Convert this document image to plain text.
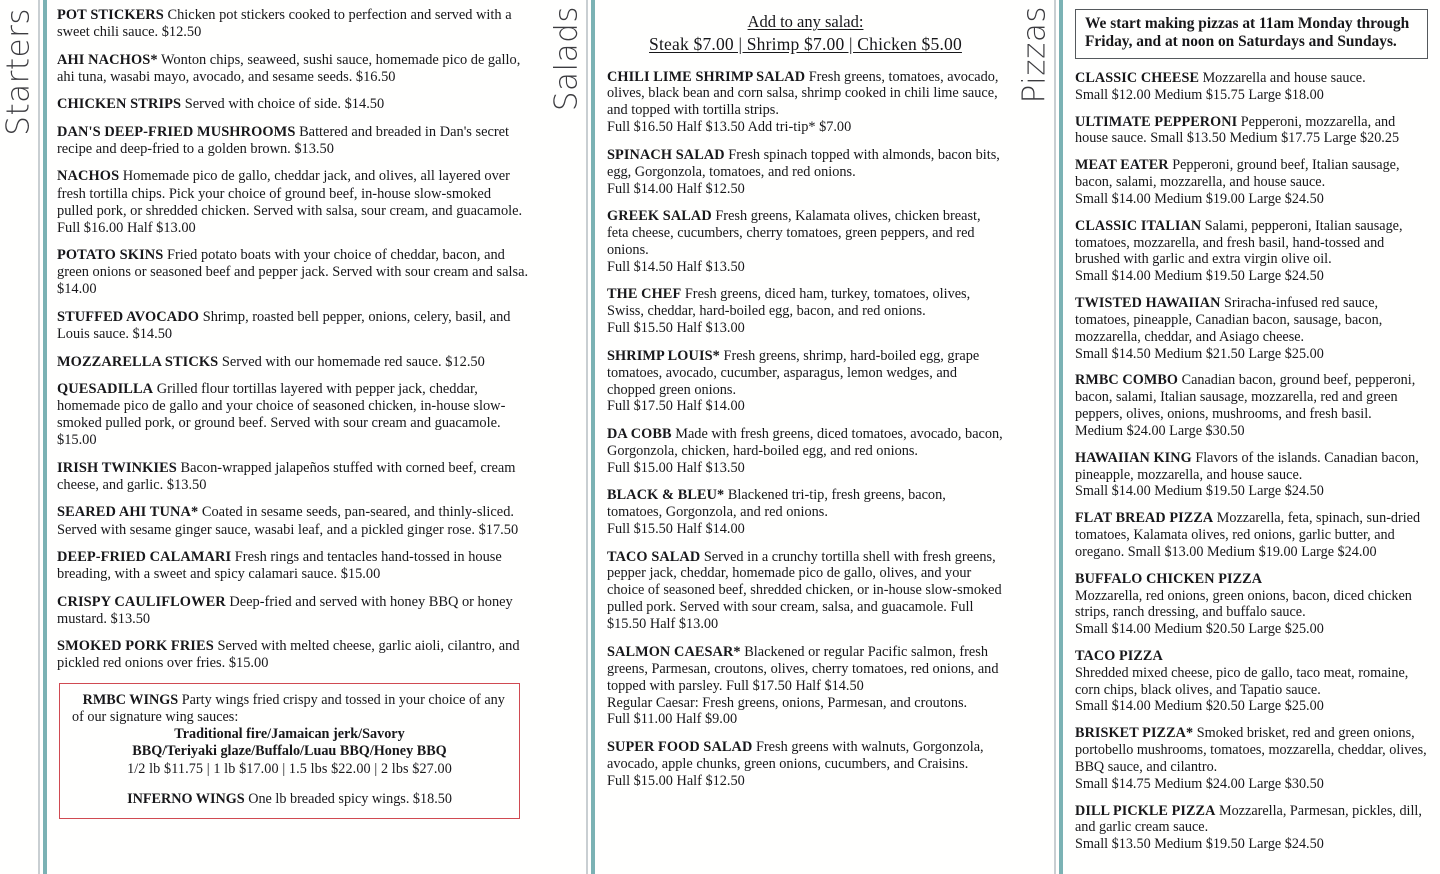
Starters POT STICKERS Chicken pot stickers cooked to perfection and served with a sweet chili sauce. $12.50

AHI NACHOS* Wonton chips, seaweed, sushi sauce, homemade pico de gallo, ahi tuna, wasabi mayo, avocado, and sesame seeds. $16.50

CHICKEN STRIPS Served with choice of side. $14.50

DAN'S DEEP-FRIED MUSHROOMS Battered and breaded in Dan's secret recipe and deep-fried to a golden brown. $13.50

NACHOS Homemade pico de gallo, cheddar jack, and olives, all layered over fresh tortilla chips. Pick your choice of ground beef, in-house slow-smoked pulled pork, or shredded chicken. Served with salsa, sour cream, and guacamole. Full $16.00 Half $13.00

POTATO SKINS Fried potato boats with your choice of cheddar, bacon, and green onions or seasoned beef and pepper jack. Served with sour cream and salsa. $14.00

STUFFED AVOCADO Shrimp, roasted bell pepper, onions, celery, basil, and Louis sauce. $14.50

MOZZARELLA STICKS Served with our homemade red sauce. $12.50

QUESADILLA Grilled flour tortillas layered with pepper jack, cheddar, homemade pico de gallo and your choice of seasoned chicken, in-house slow-smoked pulled pork, or ground beef. Served with sour cream and guacamole. $15.00

IRISH TWINKIES Bacon-wrapped jalapeños stuffed with corned beef, cream cheese, and garlic. $13.50

SEARED AHI TUNA* Coated in sesame seeds, pan-seared, and thinly-sliced. Served with sesame ginger sauce, wasabi leaf, and a pickled ginger rose. $17.50

DEEP-FRIED CALAMARI Fresh rings and tentacles hand-tossed in house breading, with a sweet and spicy calamari sauce. $15.00

CRISPY CAULIFLOWER Deep-fried and served with honey BBQ or honey mustard. $13.50

SMOKED PORK FRIES Served with melted cheese, garlic aioli, cilantro, and pickled red onions over fries. $15.00

RMBC WINGS Party wings fried crispy and tossed in your choice of any of our signature wing sauces:
Traditional fire/Jamaican jerk/Savory
BBQ/Teriyaki glaze/Buffalo/Luau BBQ/Honey BBQ
1/2 lb $11.75 | 1 lb $17.00 | 1.5 lbs $22.00 | 2 lbs $27.00
INFERNO WINGS One lb breaded spicy wings. $18.50
Salads	Add to any salad:
Steak $7.00 | Shrimp $7.00 | Chicken $5.00

CHILI LIME SHRIMP SALAD Fresh greens, tomatoes, avocado, olives, black bean and corn salsa, shrimp cooked in chili lime sauce, and topped with tortilla strips.
Full $16.50 Half $13.50 Add tri-tip* $7.00

SPINACH SALAD Fresh spinach topped with almonds, bacon bits, egg, Gorgonzola, tomatoes, and red onions.
Full $14.00 Half $12.50

GREEK SALAD Fresh greens, Kalamata olives, chicken breast, feta cheese, cucumbers, cherry tomatoes, green peppers, and red onions.
Full $14.50 Half $13.50

THE CHEF Fresh greens, diced ham, turkey, tomatoes, olives, Swiss, cheddar, hard-boiled egg, bacon, and red onions.
Full $15.50 Half $13.00

SHRIMP LOUIS* Fresh greens, shrimp, hard-boiled egg, grape tomatoes, avocado, cucumber, asparagus, lemon wedges, and chopped green onions.
Full $17.50 Half $14.00

DA COBB Made with fresh greens, diced tomatoes, avocado, bacon, Gorgonzola, chicken, hard-boiled egg, and red onions.
Full $15.00 Half $13.50

BLACK & BLEU* Blackened tri-tip, fresh greens, bacon, tomatoes, Gorgonzola, and red onions.
Full $15.50 Half $14.00

TACO SALAD Served in a crunchy tortilla shell with fresh greens, pepper jack, cheddar, homemade pico de gallo, olives, and your choice of seasoned beef, shredded chicken, or in-house slow-smoked pulled pork. Served with sour cream, salsa, and guacamole. Full $15.50 Half $13.00

SALMON CAESAR* Blackened or regular Pacific salmon, fresh greens, Parmesan, croutons, olives, cherry tomatoes, red onions, and topped with parsley. Full $17.50 Half $14.50
Regular Caesar: Fresh greens, onions, Parmesan, and croutons.
Full $11.00 Half $9.00

SUPER FOOD SALAD Fresh greens with walnuts, Gorgonzola, avocado, apple chunks, green onions, cucumbers, and Craisins.
Full $15.00 Half $12.50

Pizzas	We start making pizzas at 11am Monday through Friday, and at noon on Saturdays and Sundays.

CLASSIC CHEESE Mozzarella and house sauce.
Small $12.00 Medium $15.75 Large $18.00

ULTIMATE PEPPERONI Pepperoni, mozzarella, and house sauce. Small $13.50 Medium $17.75 Large $20.25

MEAT EATER Pepperoni, ground beef, Italian sausage, bacon, salami, mozzarella, and house sauce.
Small $14.00 Medium $19.00 Large $24.50

CLASSIC ITALIAN Salami, pepperoni, Italian sausage, tomatoes, mozzarella, and fresh basil, hand-tossed and brushed with garlic and extra virgin olive oil.
Small $14.00 Medium $19.50 Large $24.50

TWISTED HAWAIIAN Sriracha-infused red sauce, tomatoes, pineapple, Canadian bacon, sausage, bacon, mozzarella, cheddar, and Asiago cheese.
Small $14.50 Medium $21.50 Large $25.00

RMBC COMBO Canadian bacon, ground beef, pepperoni, bacon, salami, Italian sausage, mozzarella, red and green peppers, olives, onions, mushrooms, and fresh basil.
Medium $24.00 Large $30.50

HAWAIIAN KING Flavors of the islands. Canadian bacon, pineapple, mozzarella, and house sauce.
Small $14.00 Medium $19.50 Large $24.50

FLAT BREAD PIZZA Mozzarella, feta, spinach, sun-dried tomatoes, Kalamata olives, red onions, garlic butter, and oregano. Small $13.00 Medium $19.00 Large $24.00

BUFFALO CHICKEN PIZZA
Mozzarella, red onions, green onions, bacon, diced chicken strips, ranch dressing, and buffalo sauce.
Small $14.00 Medium $20.50 Large $25.00

TACO PIZZA
Shredded mixed cheese, pico de gallo, taco meat, romaine, corn chips, black olives, and Tapatio sauce.
Small $14.00 Medium $20.50 Large $25.00

BRISKET PIZZA* Smoked brisket, red and green onions, portobello mushrooms, tomatoes, mozzarella, cheddar, olives, BBQ sauce, and cilantro.
Small $14.75 Medium $24.00 Large $30.50

DILL PICKLE PIZZA Mozzarella, Parmesan, pickles, dill, and garlic cream sauce.
Small $13.50 Medium $19.50 Large $24.50
